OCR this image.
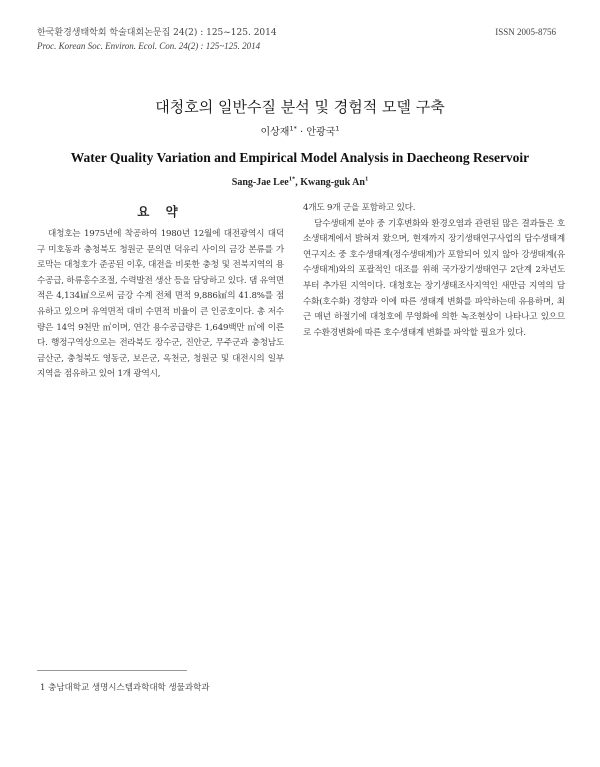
한국환경생태학회 학술대회논문집 24(2) : 125~125. 2014
Proc. Korean Soc. Environ. Ecol. Con. 24(2) : 125~125. 2014
ISSN 2005-8756
대청호의 일반수질 분석 및 경험적 모델 구축
이상재$^{1*}$ · 안광국$^1$
Water Quality Variation and Empirical Model Analysis in Daecheong Reservoir
Sang-Jae Lee$^{1*}$, Kwang-guk An$^1$
요 약

대청호는 1975년에 착공하여 1980년 12월에 대전광역시 대덕구 미호동과 충청북도 청원군 문의면 덕유리 사이의 금강 본류를 가로막는 대청호가 준공된 이후, 대전을 비롯한 충청 및 전북지역의 용수공급, 하류홍수조절, 수력발전 생산 등을 담당하고 있다. 댐 유역면적은 4,134㎢으로써 금강 수계 전체 면적 9,886㎢의 41.8%를 점유하고 있으며 유역면적 대비 수면적 비율이 큰 인공호이다. 총 저수량은 14억 9천만 ㎥이며, 연간 용수공급량은 1,649백만 ㎥에 이른다. 행정구역상으로는 전라북도 장수군, 진안군, 무주군과 충청남도 금산군, 충청북도 영동군, 보은군, 옥천군, 청원군 및 대전시의 일부 지역을 점유하고 있어 1개 광역시,

4개도 9개 군을 포함하고 있다.

담수생태계 분야 중 기후변화와 환경오염과 관련된 많은 결과들은 호소생태계에서 밝혀져 왔으며, 현재까지 장기생태연구사업의 담수생태계 연구지소 중 호수생태계(정수생태계)가 포함되어 있지 않아 강생태계(유수생태계)와의 포괄적인 대조를 위해 국가장기생태연구 2단계 2차년도부터 추가된 지역이다. 대청호는 장기생태조사지역인 새만금 지역의 담수화(호수화) 경향과 이에 따른 생태계 변화를 파악하는데 유용하며, 최근 매년 하절기에 대청호에 무영화에 의한 녹조현상이 나타나고 있으므로 수환경변화에 따른 호수생태계 변화를 파악할 필요가 있다.

1 충남대학교 생명시스템과학대학 생물과학과
